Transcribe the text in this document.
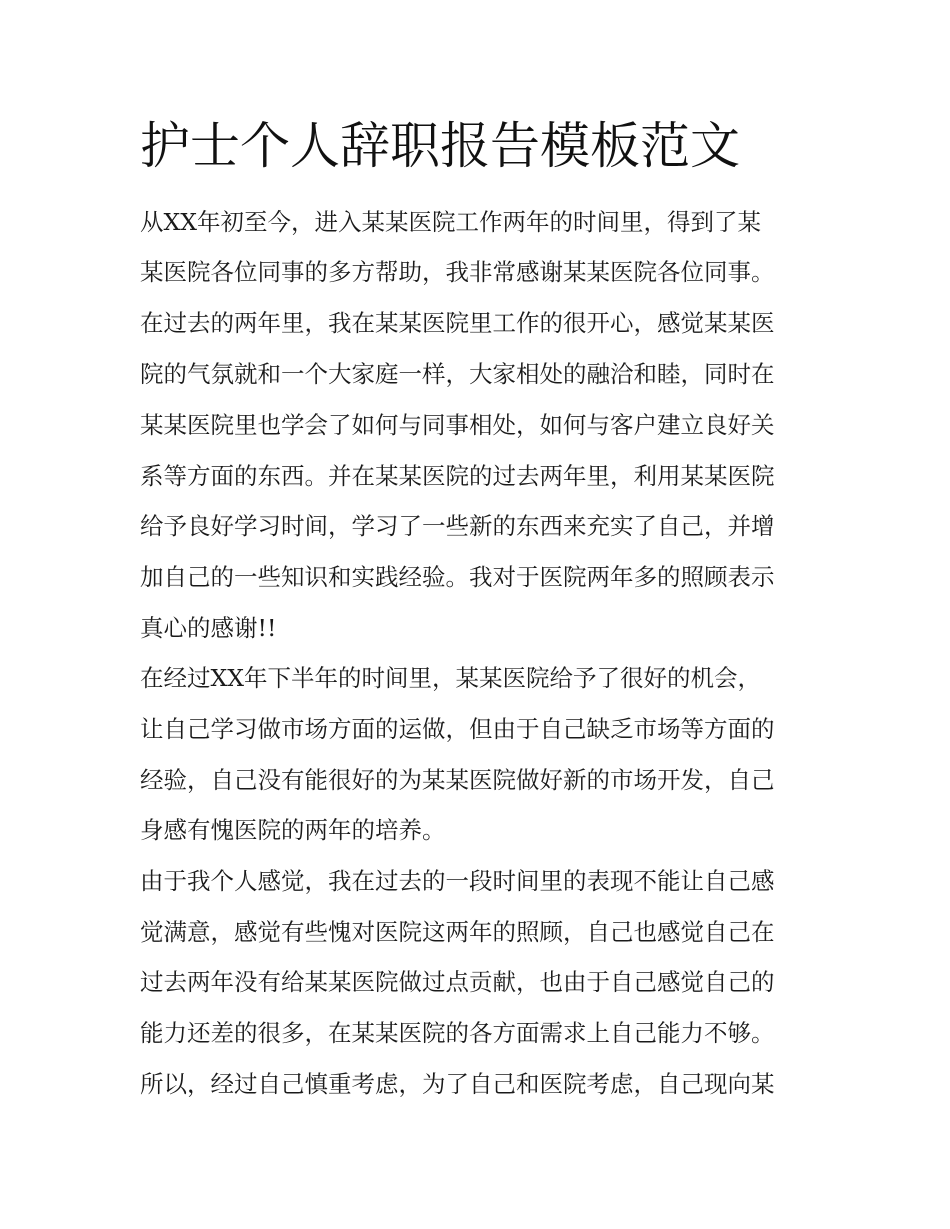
护士个人辞职报告模板范文
从XX年初至今，进入某某医院工作两年的时间里，得到了某
某医院各位同事的多方帮助，我非常感谢某某医院各位同事。
在过去的两年里，我在某某医院里工作的很开心，感觉某某医
院的气氛就和一个大家庭一样，大家相处的融洽和睦，同时在
某某医院里也学会了如何与同事相处，如何与客户建立良好关
系等方面的东西。并在某某医院的过去两年里，利用某某医院
给予良好学习时间，学习了一些新的东西来充实了自己，并增
加自己的一些知识和实践经验。我对于医院两年多的照顾表示
真心的感谢!!
在经过XX年下半年的时间里，某某医院给予了很好的机会，
让自己学习做市场方面的运做，但由于自己缺乏市场等方面的
经验，自己没有能很好的为某某医院做好新的市场开发，自己
身感有愧医院的两年的培养。
由于我个人感觉，我在过去的一段时间里的表现不能让自己感
觉满意，感觉有些愧对医院这两年的照顾，自己也感觉自己在
过去两年没有给某某医院做过点贡献，也由于自己感觉自己的
能力还差的很多，在某某医院的各方面需求上自己能力不够。
所以，经过自己慎重考虑，为了自己和医院考虑，自己现向某
